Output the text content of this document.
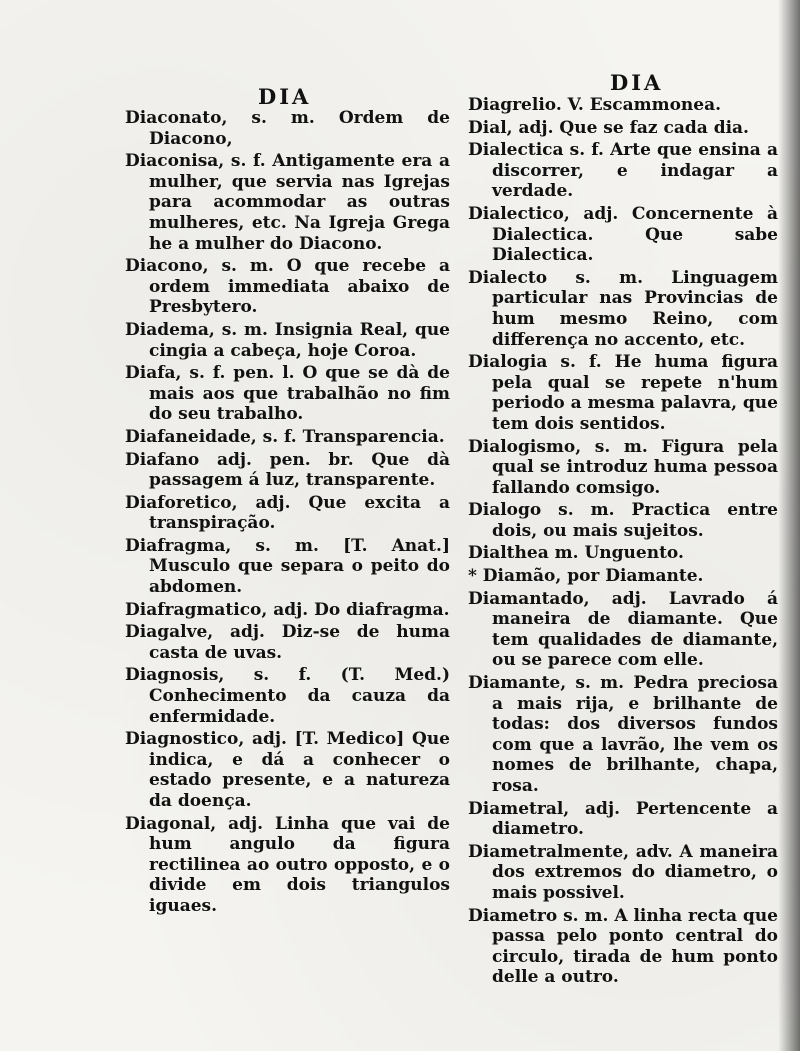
DIA
DIA

Diaconato, s. m. Ordem de Diacono,

Diaconisa, s. f. Antigamente era a mulher, que servia nas Igrejas para acommodar as outras mulheres, etc. Na Igreja Grega he a mulher do Diacono.

Diacono, s. m. O que recebe a ordem immediata abaixo de Presbytero.

Diadema, s. m. Insignia Real, que cingia a cabeça, hoje Coroa.

Diafa, s. f. pen. l. O que se dà de mais aos que trabalhão no fim do seu trabalho.

Diafaneidade, s. f. Transparencia.

Diafano adj. pen. br. Que dà passagem á luz, transparente.

Diaforetico, adj. Que excita a transpiração.

Diafragma, s. m. [T. Anat.] Musculo que separa o peito do abdomen.

Diafragmatico, adj. Do diafragma.

Diagalve, adj. Diz-se de huma casta de uvas.

Diagnosis, s. f. (T. Med.) Conhecimento da cauza da enfermidade.

Diagnostico, adj. [T. Medico] Que indica, e dá a conhecer o estado presente, e a natureza da doença.

Diagonal, adj. Linha que vai de hum angulo da figura rectilinea ao outro opposto, e o divide em dois triangulos iguaes.

Diagrelio. V. Escammonea.

Dial, adj. Que se faz cada dia.

Dialectica s. f. Arte que ensina a discorrer, e indagar a verdade.

Dialectico, adj. Concernente à Dialectica. Que sabe Dialectica.

Dialecto s. m. Linguagem particular nas Provincias de hum mesmo Reino, com differença no accento, etc.

Dialogia s. f. He huma figura pela qual se repete n'hum periodo a mesma palavra, que tem dois sentidos.

Dialogismo, s. m. Figura pela qual se introduz huma pessoa fallando comsigo.

Dialogo s. m. Practica entre dois, ou mais sujeitos.

Dialthea m. Unguento.

* Diamão, por Diamante.

Diamantado, adj. Lavrado á maneira de diamante. Que tem qualidades de diamante, ou se parece com elle.

Diamante, s. m. Pedra preciosa a mais rija, e brilhante de todas: dos diversos fundos com que a lavrão, lhe vem os nomes de brilhante, chapa, rosa.

Diametral, adj. Pertencente a diametro.

Diametralmente, adv. A maneira dos extremos do diametro, o mais possivel.

Diametro s. m. A linha recta que passa pelo ponto central do circulo, tirada de hum ponto delle a outro.
